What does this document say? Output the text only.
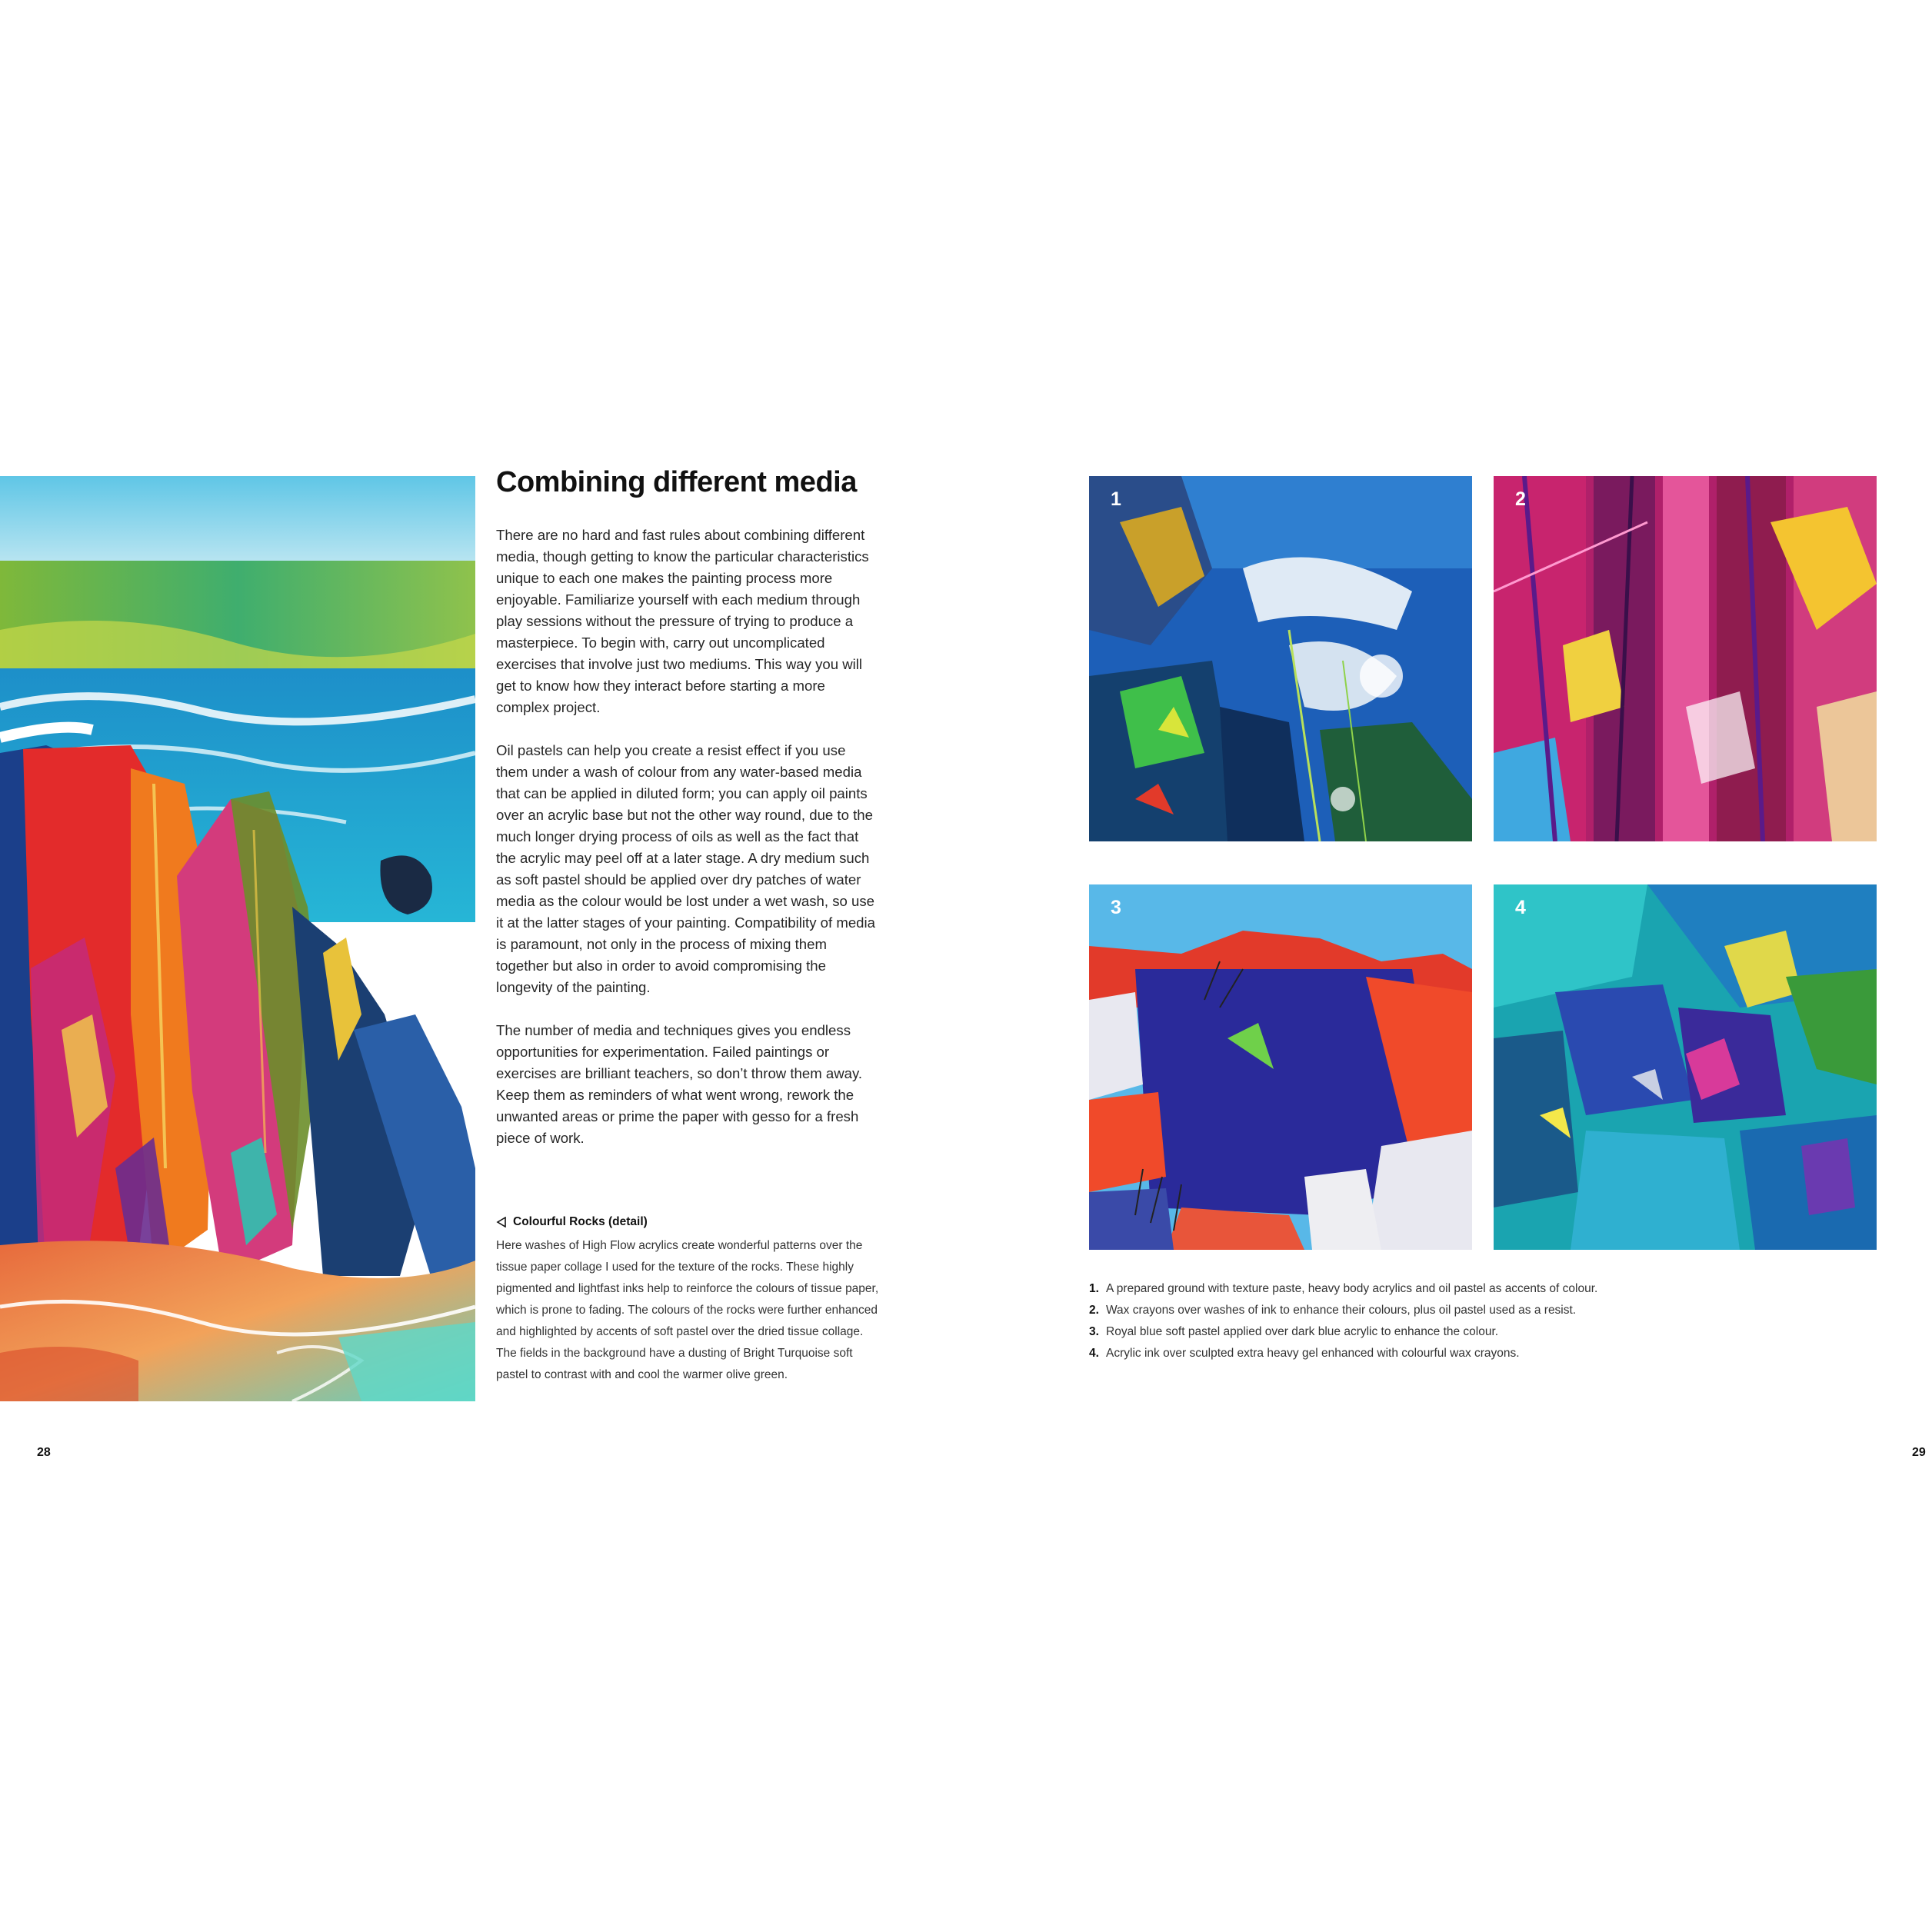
Combining different media

There are no hard and fast rules about combining different media, though getting to know the particular characteristics unique to each one makes the painting process more enjoyable. Familiarize yourself with each medium through play sessions without the pressure of trying to produce a masterpiece. To begin with, carry out uncomplicated exercises that involve just two mediums. This way you will get to know how they interact before starting a more complex project.

Oil pastels can help you create a resist effect if you use them under a wash of colour from any water-based media that can be applied in diluted form; you can apply oil paints over an acrylic base but not the other way round, due to the much longer drying process of oils as well as the fact that the acrylic may peel off at a later stage. A dry medium such as soft pastel should be applied over dry patches of water media as the colour would be lost under a wet wash, so use it at the latter stages of your painting. Compatibility of media is paramount, not only in the process of mixing them together but also in order to avoid compromising the longevity of the painting.

The number of media and techniques gives you endless opportunities for experimentation. Failed paintings or exercises are brilliant teachers, so don’t throw them away. Keep them as reminders of what went wrong, rework the unwanted areas or prime the paper with gesso for a fresh piece of work.

Colourful Rocks (detail)

Here washes of High Flow acrylics create wonderful patterns over the tissue paper collage I used for the texture of the rocks. These highly pigmented and lightfast inks help to reinforce the colours of tissue paper, which is prone to fading. The colours of the rocks were further enhanced and highlighted by accents of soft pastel over the dried tissue collage. The fields in the background have a dusting of Bright Turquoise soft pastel to contrast with and cool the warmer olive green.

28
1	2
3	4
1. A prepared ground with texture paste, heavy body acrylics and oil pastel as accents of colour.
2. Wax crayons over washes of ink to enhance their colours, plus oil pastel used as a resist.
3. Royal blue soft pastel applied over dark blue acrylic to enhance the colour.
4. Acrylic ink over sculpted extra heavy gel enhanced with colourful wax crayons.
29
